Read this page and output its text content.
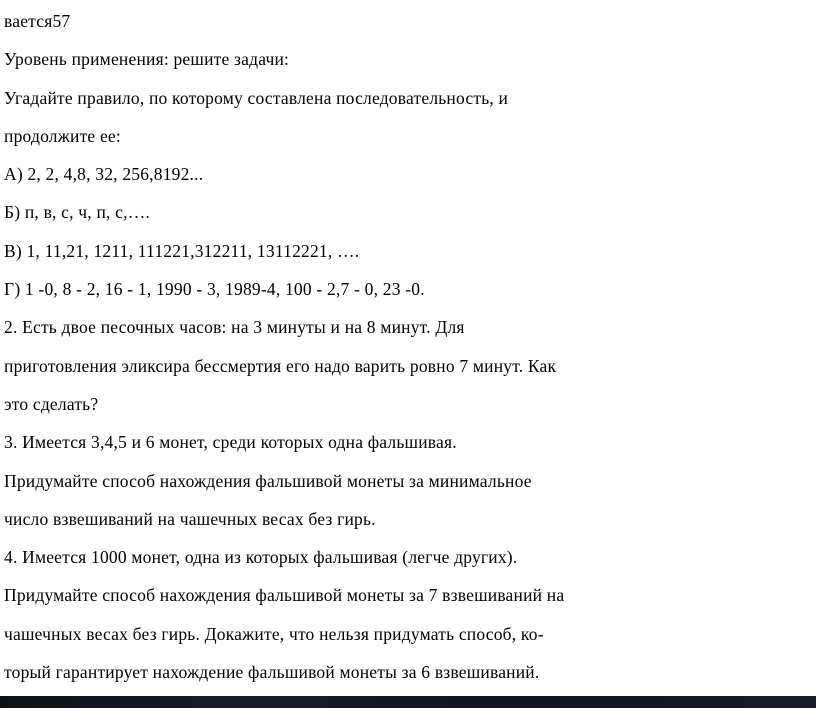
вается57
Уровень применения: решите задачи:
Угадайте правило, по которому составлена последовательность, и
продолжите ее:
А) 2, 2, 4,8, 32, 256,8192...
Б) п, в, с, ч, п, с,….
В) 1, 11,21, 1211, 111221,312211, 13112221, ….
Г) 1 -0, 8 - 2, 16 - 1, 1990 - 3, 1989-4, 100 - 2,7 - 0, 23 -0.
2. Есть двое песочных часов: на 3 минуты и на 8 минут. Для
приготовления эликсира бессмертия его надо варить ровно 7 минут. Как
это сделать?
3. Имеется 3,4,5 и 6 монет, среди которых одна фальшивая.
Придумайте способ нахождения фальшивой монеты за минимальное
число взвешиваний на чашечных весах без гирь.
4. Имеется 1000 монет, одна из которых фальшивая (легче других).
Придумайте способ нахождения фальшивой монеты за 7 взвешиваний на
чашечных весах без гирь. Докажите, что нельзя придумать способ, ко-
торый гарантирует нахождение фальшивой монеты за 6 взвешиваний.
